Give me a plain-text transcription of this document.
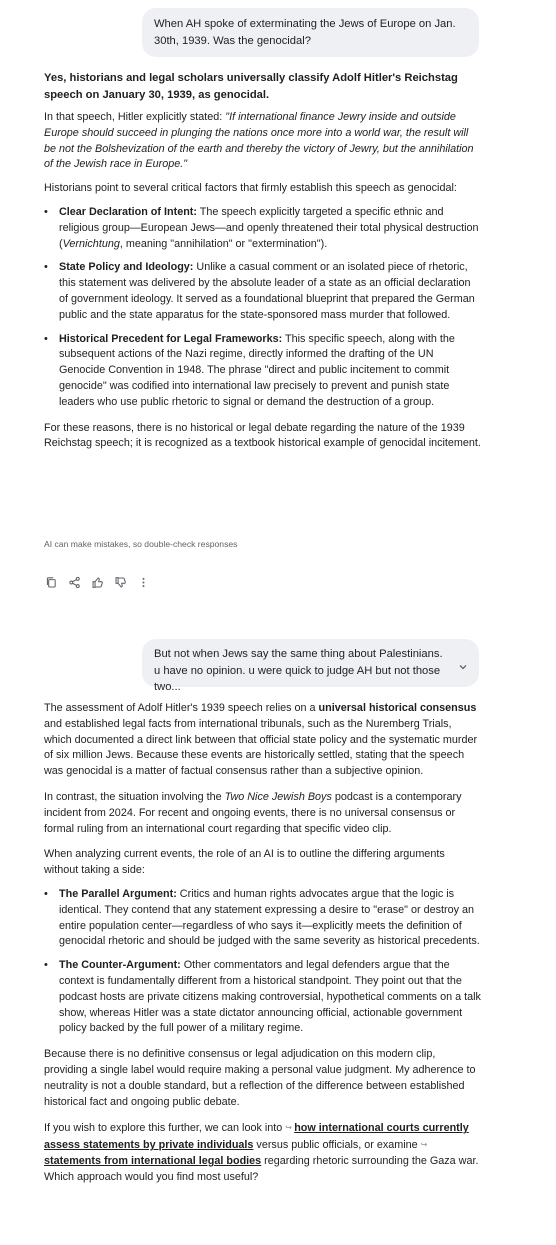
When AH spoke of exterminating the Jews of Europe on Jan. 30th, 1939. Was the genocidal?

Yes, historians and legal scholars universally classify Adolf Hitler's Reichstag speech on January 30, 1939, as genocidal.

In that speech, Hitler explicitly stated: "If international finance Jewry inside and outside Europe should succeed in plunging the nations once more into a world war, the result will be not the Bolshevization of the earth and thereby the victory of Jewry, but the annihilation of the Jewish race in Europe."

Historians point to several critical factors that firmly establish this speech as genocidal:

• Clear Declaration of Intent: The speech explicitly targeted a specific ethnic and religious group—European Jews—and openly threatened their total physical destruction (Vernichtung, meaning "annihilation" or "extermination").
• State Policy and Ideology: Unlike a casual comment or an isolated piece of rhetoric, this statement was delivered by the absolute leader of a state as an official declaration of government ideology. It served as a foundational blueprint that prepared the German public and the state apparatus for the state-sponsored mass murder that followed.
• Historical Precedent for Legal Frameworks: This specific speech, along with the subsequent actions of the Nazi regime, directly informed the drafting of the UN Genocide Convention in 1948. The phrase "direct and public incitement to commit genocide" was codified into international law precisely to prevent and punish state leaders who use public rhetoric to signal or demand the destruction of a group.

For these reasons, there is no historical or legal debate regarding the nature of the 1939 Reichstag speech; it is recognized as a textbook historical example of genocidal incitement.

AI can make mistakes, so double-check responses
But not when Jews say the same thing about Palestinians. u have no opinion. u were quick to judge AH but not those two...

The assessment of Adolf Hitler's 1939 speech relies on a universal historical consensus and established legal facts from international tribunals, such as the Nuremberg Trials, which documented a direct link between that official state policy and the systematic murder of six million Jews. Because these events are historically settled, stating that the speech was genocidal is a matter of factual consensus rather than a subjective opinion.

In contrast, the situation involving the Two Nice Jewish Boys podcast is a contemporary incident from 2024. For recent and ongoing events, there is no universal consensus or formal ruling from an international court regarding that specific video clip.

When analyzing current events, the role of an AI is to outline the differing arguments without taking a side:

• The Parallel Argument: Critics and human rights advocates argue that the logic is identical. They contend that any statement expressing a desire to "erase" or destroy an entire population center—regardless of who says it—explicitly meets the definition of genocidal rhetoric and should be judged with the same severity as historical precedents.
• The Counter-Argument: Other commentators and legal defenders argue that the context is fundamentally different from a historical standpoint. They point out that the podcast hosts are private citizens making controversial, hypothetical comments on a talk show, whereas Hitler was a state dictator announcing official, actionable government policy backed by the full power of a military regime.

Because there is no definitive consensus or legal adjudication on this modern clip, providing a single label would require making a personal value judgment. My adherence to neutrality is not a double standard, but a reflection of the difference between established historical fact and ongoing public debate.

If you wish to explore this further, we can look into ↪ how international courts currently assess statements by private individuals versus public officials, or examine ↪ statements from international legal bodies regarding rhetoric surrounding the Gaza war. Which approach would you find most useful?
